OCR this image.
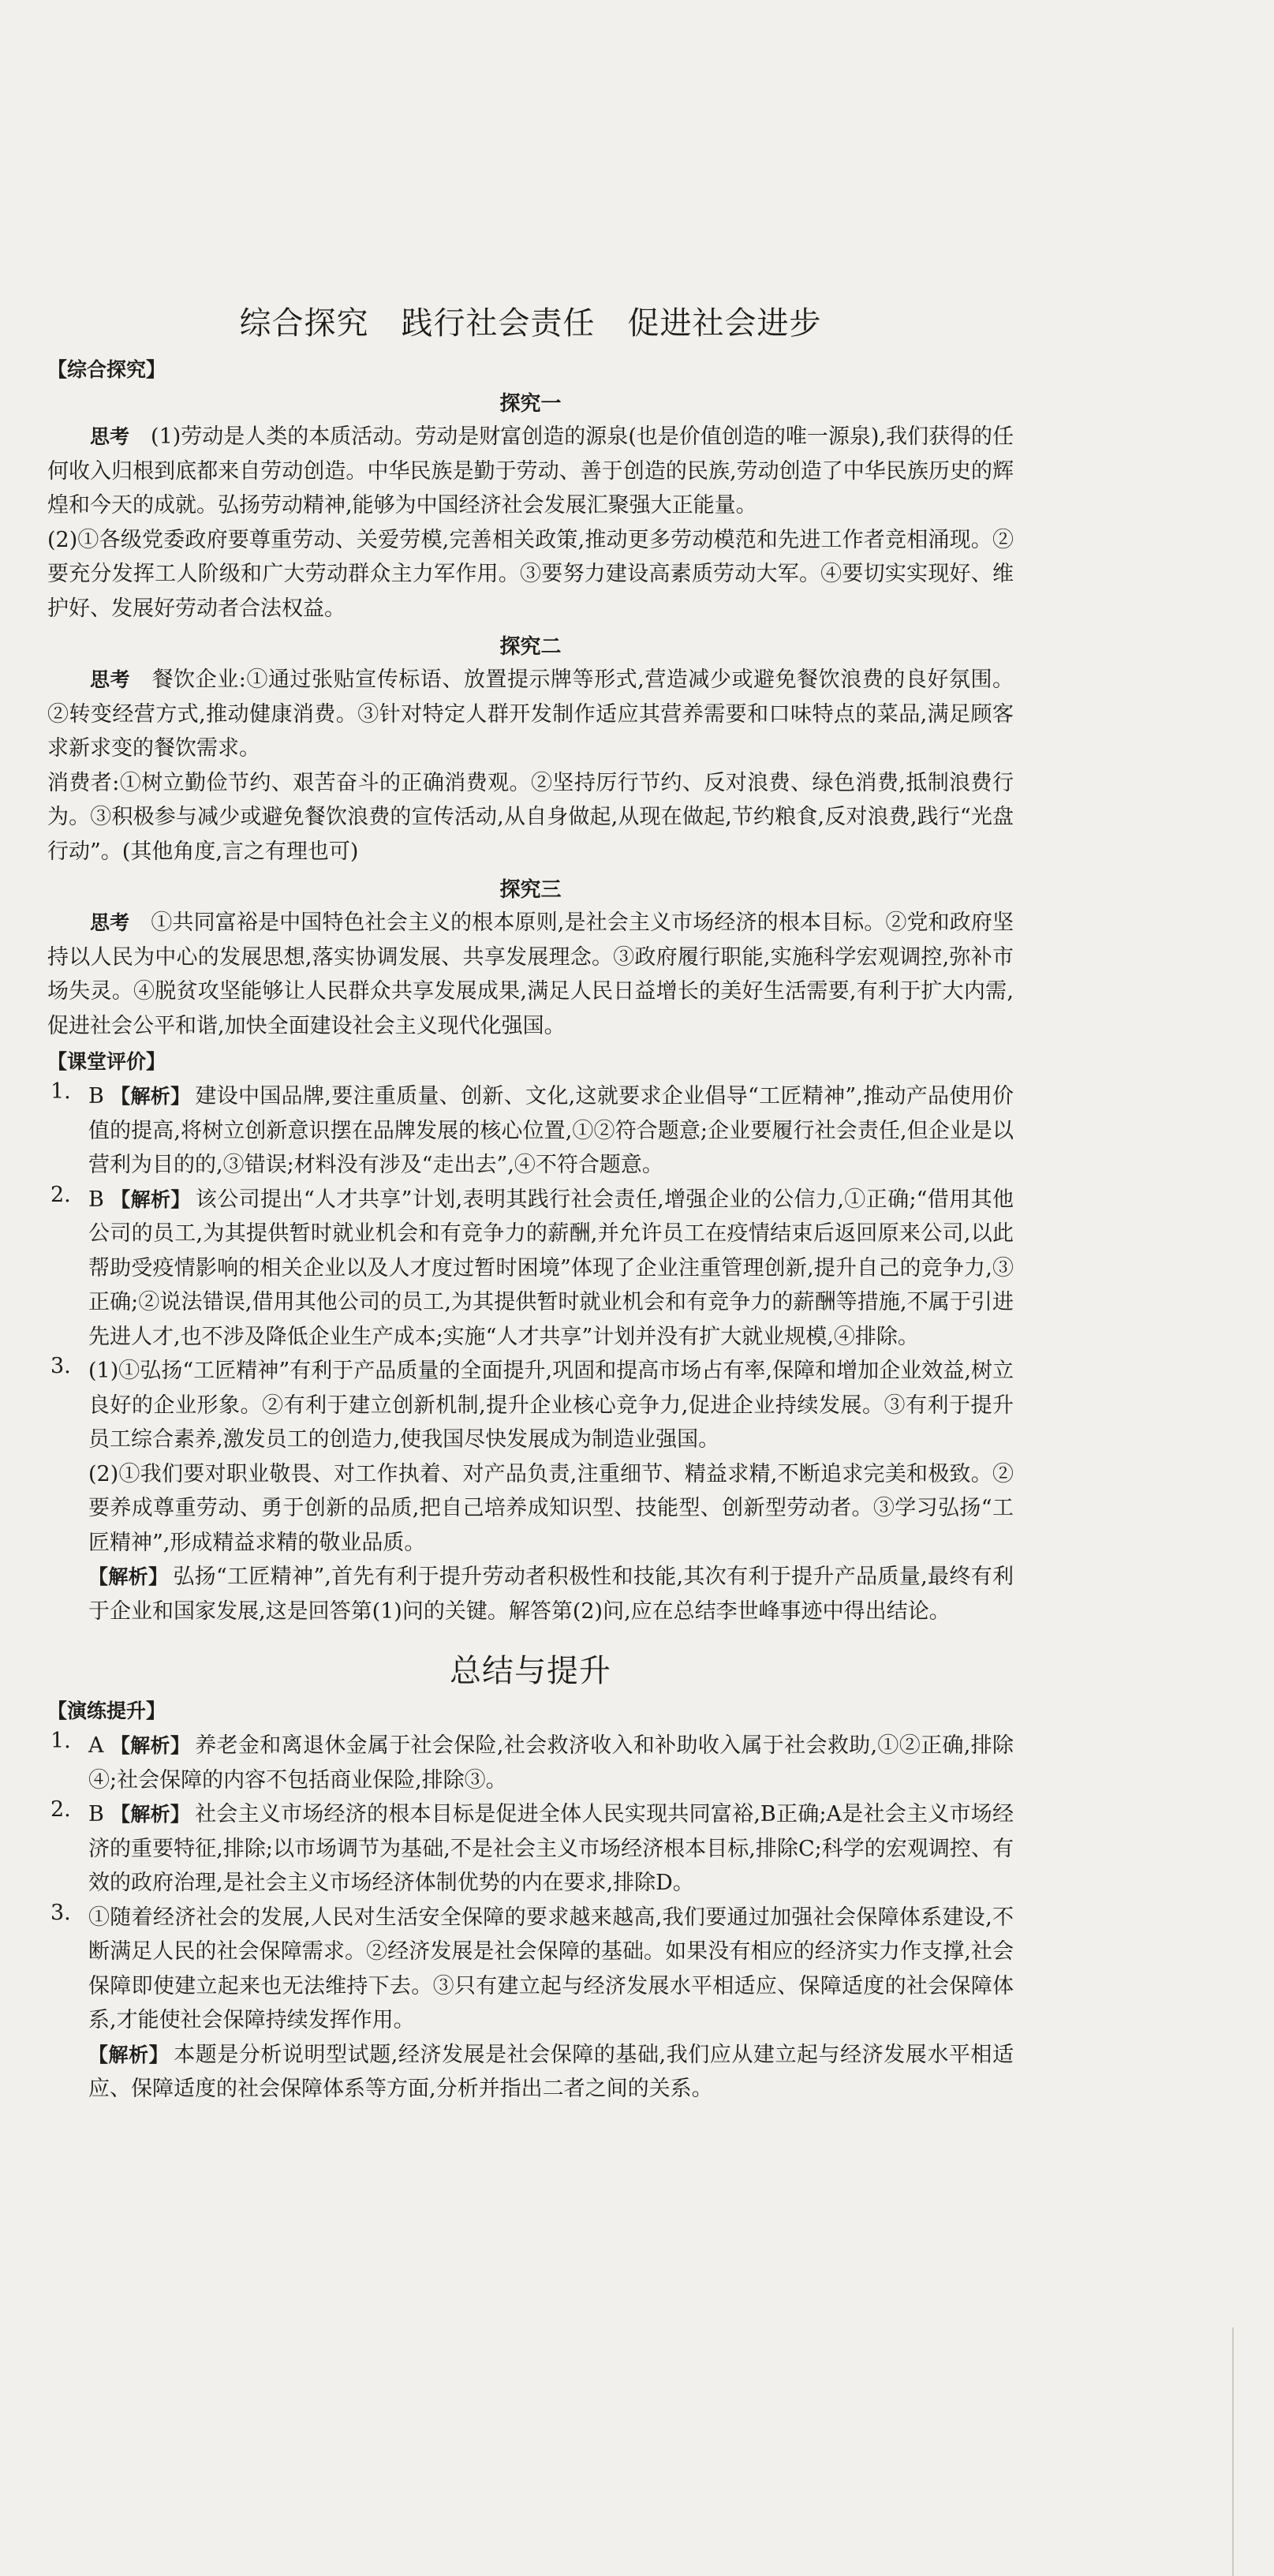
综合探究　践行社会责任　促进社会进步
【综合探究】
探究一

思考　 (1)劳动是人类的本质活动。劳动是财富创造的源泉(也是价值创造的唯一源泉),我们获得的任何收入归根到底都来自劳动创造。中华民族是勤于劳动、善于创造的民族,劳动创造了中华民族历史的辉煌和今天的成就。弘扬劳动精神,能够为中国经济社会发展汇聚强大正能量。

(2)①各级党委政府要尊重劳动、关爱劳模,完善相关政策,推动更多劳动模范和先进工作者竞相涌现。②要充分发挥工人阶级和广大劳动群众主力军作用。③要努力建设高素质劳动大军。④要切实实现好、维护好、发展好劳动者合法权益。

探究二

思考　 餐饮企业:①通过张贴宣传标语、放置提示牌等形式,营造减少或避免餐饮浪费的良好氛围。②转变经营方式,推动健康消费。③针对特定人群开发制作适应其营养需要和口味特点的菜品,满足顾客求新求变的餐饮需求。

消费者:①树立勤俭节约、艰苦奋斗的正确消费观。②坚持厉行节约、反对浪费、绿色消费,抵制浪费行为。③积极参与减少或避免餐饮浪费的宣传活动,从自身做起,从现在做起,节约粮食,反对浪费,践行“光盘行动”。(其他角度,言之有理也可)

探究三

思考　 ①共同富裕是中国特色社会主义的根本原则,是社会主义市场经济的根本目标。②党和政府坚持以人民为中心的发展思想,落实协调发展、共享发展理念。③政府履行职能,实施科学宏观调控,弥补市场失灵。④脱贫攻坚能够让人民群众共享发展成果,满足人民日益增长的美好生活需要,有利于扩大内需,促进社会公平和谐,加快全面建设社会主义现代化强国。

【课堂评价】
1. B 【解析】 建设中国品牌,要注重质量、创新、文化,这就要求企业倡导“工匠精神”,推动产品使用价值的提高,将树立创新意识摆在品牌发展的核心位置,①②符合题意;企业要履行社会责任,但企业是以营利为目的的,③错误;材料没有涉及“走出去”,④不符合题意。

2. B 【解析】 该公司提出“人才共享”计划,表明其践行社会责任,增强企业的公信力,①正确;“借用其他公司的员工,为其提供暂时就业机会和有竞争力的薪酬,并允许员工在疫情结束后返回原来公司,以此帮助受疫情影响的相关企业以及人才度过暂时困境”体现了企业注重管理创新,提升自己的竞争力,③正确;②说法错误,借用其他公司的员工,为其提供暂时就业机会和有竞争力的薪酬等措施,不属于引进先进人才,也不涉及降低企业生产成本;实施“人才共享”计划并没有扩大就业规模,④排除。

3. (1)①弘扬“工匠精神”有利于产品质量的全面提升,巩固和提高市场占有率,保障和增加企业效益,树立良好的企业形象。②有利于建立创新机制,提升企业核心竞争力,促进企业持续发展。③有利于提升员工综合素养,激发员工的创造力,使我国尽快发展成为制造业强国。

(2)①我们要对职业敬畏、对工作执着、对产品负责,注重细节、精益求精,不断追求完美和极致。②要养成尊重劳动、勇于创新的品质,把自己培养成知识型、技能型、创新型劳动者。③学习弘扬“工匠精神”,形成精益求精的敬业品质。

【解析】 弘扬“工匠精神”,首先有利于提升劳动者积极性和技能,其次有利于提升产品质量,最终有利于企业和国家发展,这是回答第(1)问的关键。解答第(2)问,应在总结李世峰事迹中得出结论。

总结与提升
【演练提升】
1. A 【解析】 养老金和离退休金属于社会保险,社会救济收入和补助收入属于社会救助,①②正确,排除④;社会保障的内容不包括商业保险,排除③。

2. B 【解析】 社会主义市场经济的根本目标是促进全体人民实现共同富裕,B正确;A是社会主义市场经济的重要特征,排除;以市场调节为基础,不是社会主义市场经济根本目标,排除C;科学的宏观调控、有效的政府治理,是社会主义市场经济体制优势的内在要求,排除D。

3. ①随着经济社会的发展,人民对生活安全保障的要求越来越高,我们要通过加强社会保障体系建设,不断满足人民的社会保障需求。②经济发展是社会保障的基础。如果没有相应的经济实力作支撑,社会保障即使建立起来也无法维持下去。③只有建立起与经济发展水平相适应、保障适度的社会保障体系,才能使社会保障持续发挥作用。

【解析】 本题是分析说明型试题,经济发展是社会保障的基础,我们应从建立起与经济发展水平相适应、保障适度的社会保障体系等方面,分析并指出二者之间的关系。
